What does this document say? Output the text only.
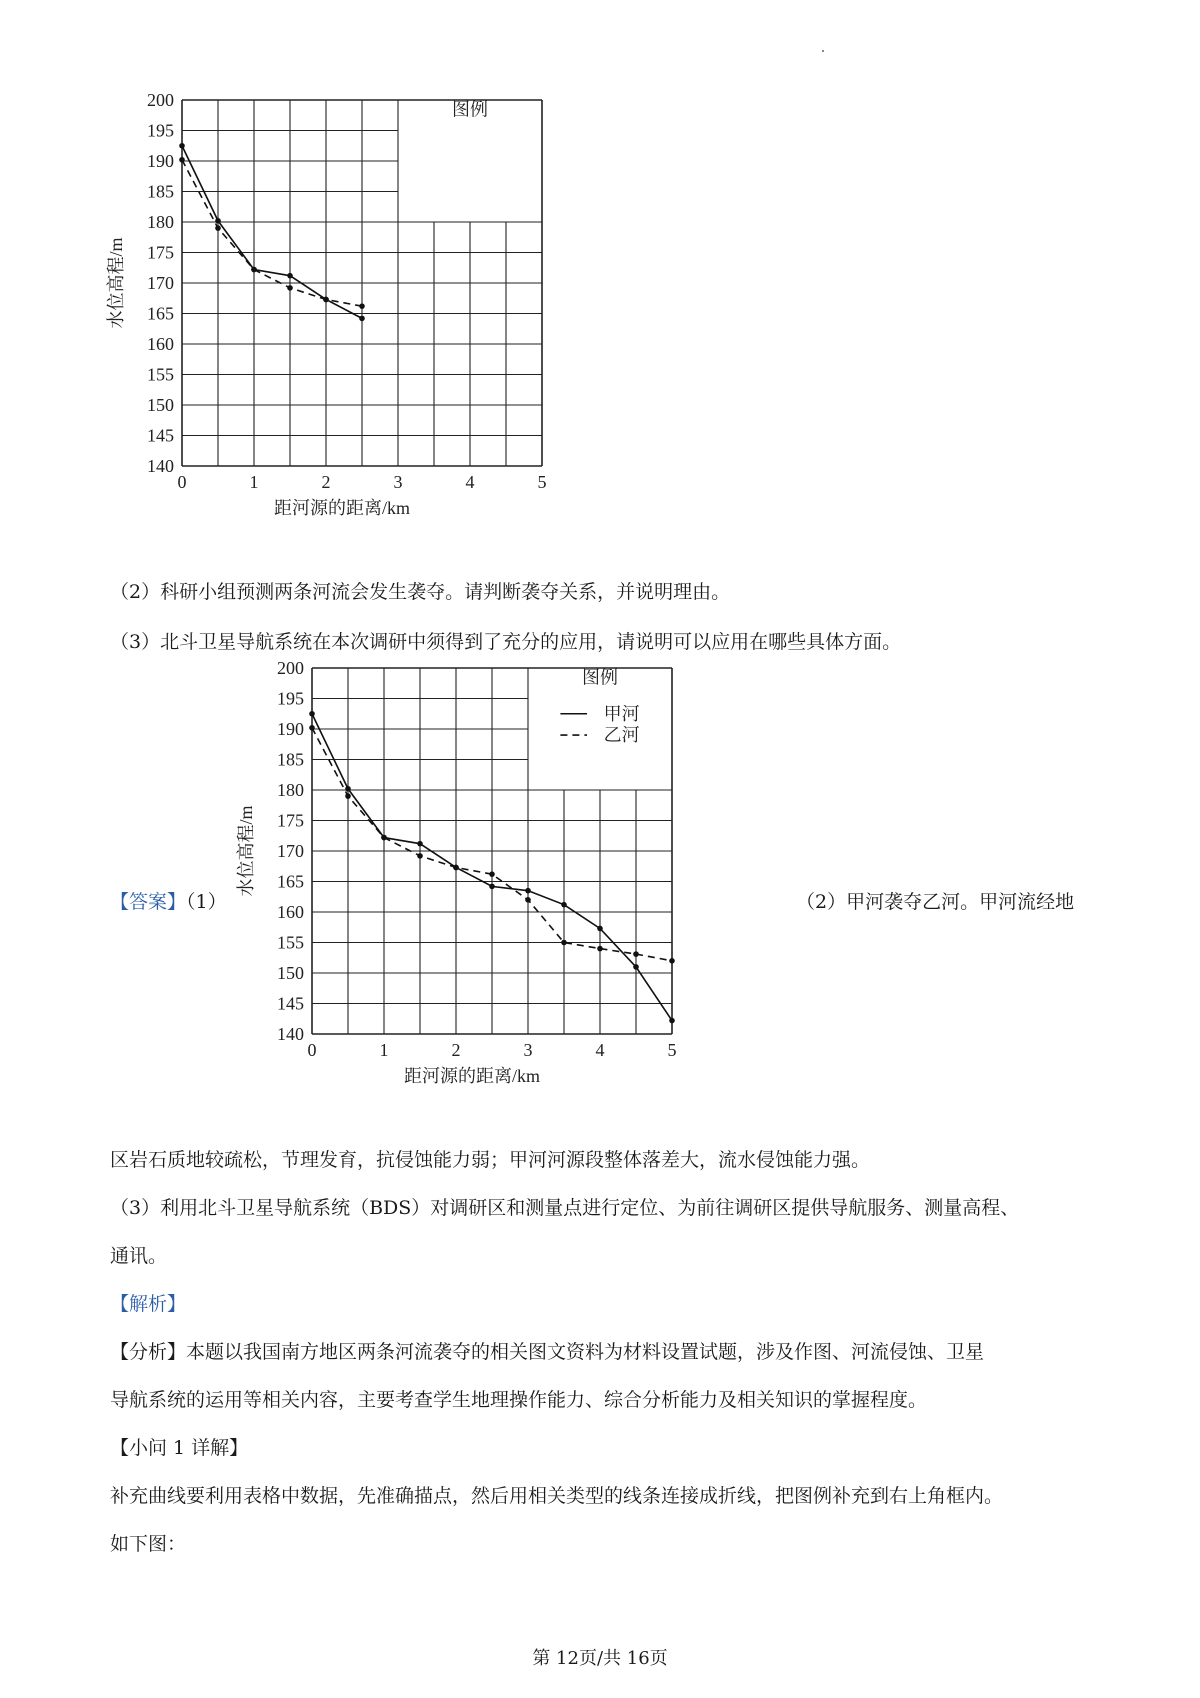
0	1	2	3	4	5
140
145
150
155
160
165
170
175
180
185
190
195
200	图例
距河源的距离/km
水位高程/m
（2）科研小组预测两条河流会发生袭夺。请判断袭夺关系，并说明理由。
（3）北斗卫星导航系统在本次调研中须得到了充分的应用，请说明可以应用在哪些具体方面。
0	1	2	3	4	5
140
145
150
155
160
165
170
175
180
185
190
195
200	图例
甲河
乙河
距河源的距离/km
水位高程/m
【答案】（1）	（2）甲河袭夺乙河。甲河流经地
区岩石质地较疏松，节理发育，抗侵蚀能力弱；甲河河源段整体落差大，流水侵蚀能力强。
（3）利用北斗卫星导航系统（BDS）对调研区和测量点进行定位、为前往调研区提供导航服务、测量高程、
通讯。
【解析】
【分析】本题以我国南方地区两条河流袭夺的相关图文资料为材料设置试题，涉及作图、河流侵蚀、卫星
导航系统的运用等相关内容，主要考查学生地理操作能力、综合分析能力及相关知识的掌握程度。
【小问 1 详解】
补充曲线要利用表格中数据，先准确描点，然后用相关类型的线条连接成折线，把图例补充到右上角框内。
如下图：
第 12页/共 16页
